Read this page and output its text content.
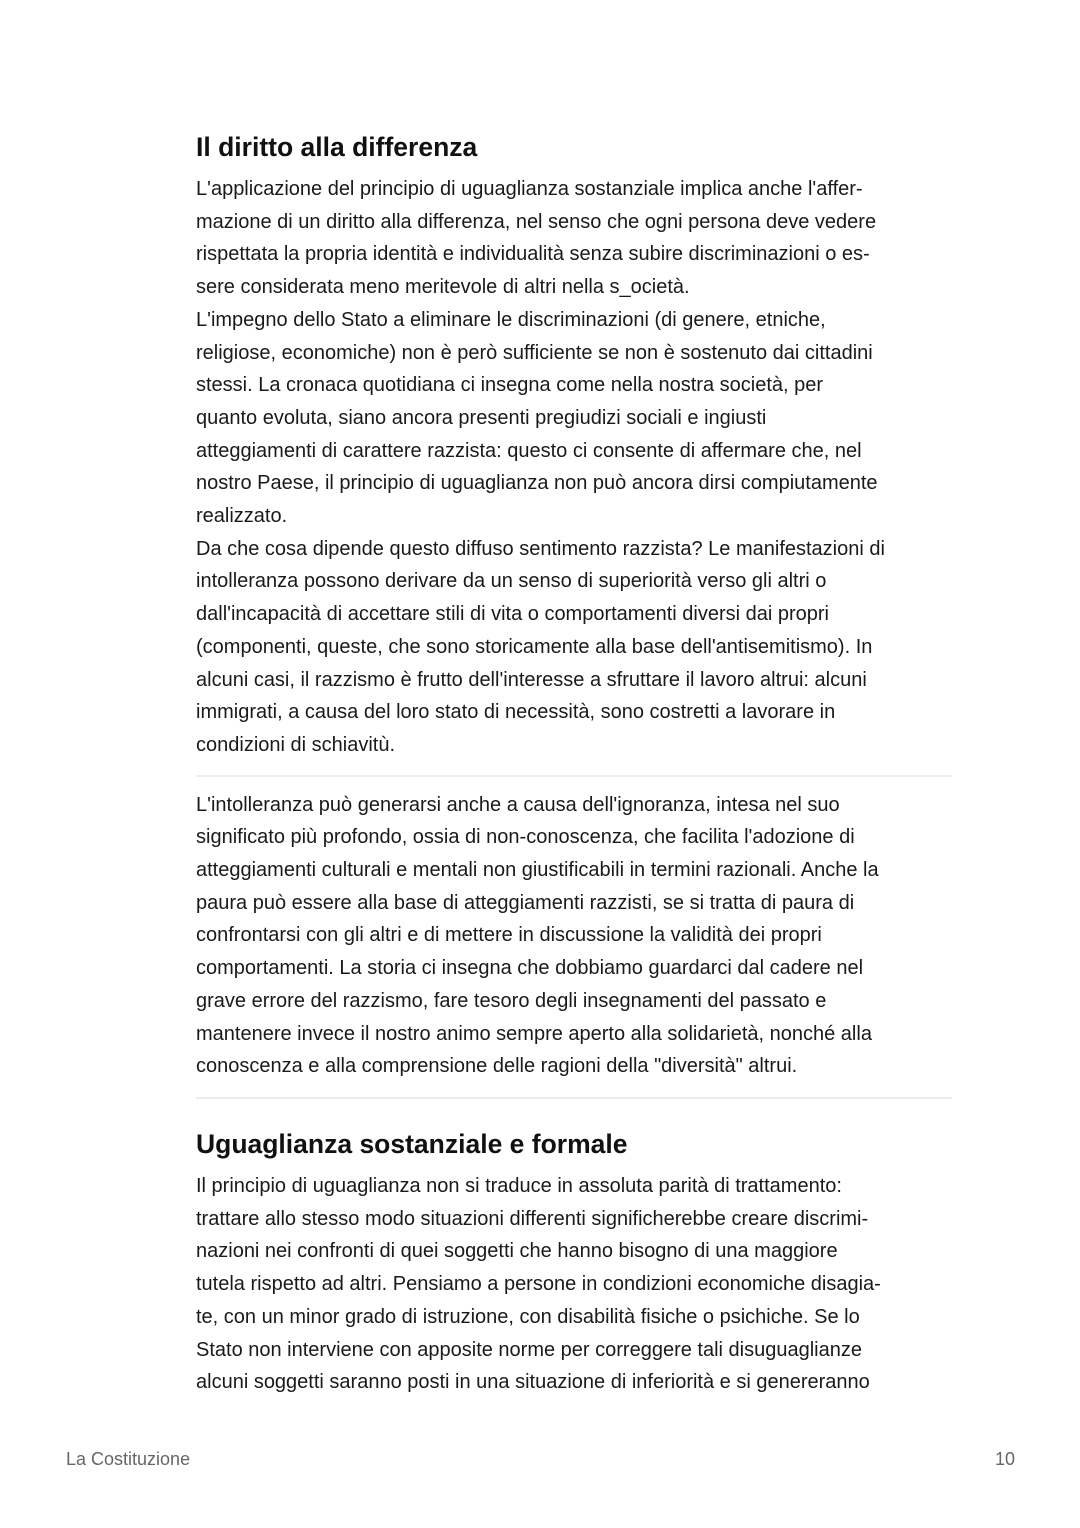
Il diritto alla differenza
L'applicazione del principio di uguaglianza sostanziale implica anche l'affer-
mazione di un diritto alla differenza, nel senso che ogni persona deve vedere
rispettata la propria identità e individualità senza subire discriminazioni o es-
sere considerata meno meritevole di altri nella s_ocietà.
L'impegno dello Stato a eliminare le discriminazioni (di genere, etniche,
religiose, economiche) non è però sufficiente se non è sostenuto dai cittadini
stessi. La cronaca quotidiana ci insegna come nella nostra società, per
quanto evoluta, siano ancora presenti pregiudizi sociali e ingiusti
atteggiamenti di carattere razzista: questo ci consente di affermare che, nel
nostro Paese, il principio di uguaglianza non può ancora dirsi compiutamente
realizzato.
Da che cosa dipende questo diffuso sentimento razzista? Le manifestazioni di
intolleranza possono derivare da un senso di superiorità verso gli altri o
dall'incapacità di accettare stili di vita o comportamenti diversi dai propri
(componenti, queste, che sono storicamente alla base dell'antisemitismo). In
alcuni casi, il razzismo è frutto dell'interesse a sfruttare il lavoro altrui: alcuni
immigrati, a causa del loro stato di necessità, sono costretti a lavorare in
condizioni di schiavitù.
L'intolleranza può generarsi anche a causa dell'ignoranza, intesa nel suo
significato più profondo, ossia di non-conoscenza, che facilita l'adozione di
atteggiamenti culturali e mentali non giustificabili in termini razionali. Anche la
paura può essere alla base di atteggiamenti razzisti, se si tratta di paura di
confrontarsi con gli altri e di mettere in discussione la validità dei propri
comportamenti. La storia ci insegna che dobbiamo guardarci dal cadere nel
grave errore del razzismo, fare tesoro degli insegnamenti del passato e
mantenere invece il nostro animo sempre aperto alla solidarietà, nonché alla
conoscenza e alla comprensione delle ragioni della "diversità" altrui.
Uguaglianza sostanziale e formale
Il principio di uguaglianza non si traduce in assoluta parità di trattamento:
trattare allo stesso modo situazioni differenti significherebbe creare discrimi-
nazioni nei confronti di quei soggetti che hanno bisogno di una maggiore
tutela rispetto ad altri. Pensiamo a persone in condizioni economiche disagia-
te, con un minor grado di istruzione, con disabilità fisiche o psichiche. Se lo
Stato non interviene con apposite norme per correggere tali disuguaglianze
alcuni soggetti saranno posti in una situazione di inferiorità e si genereranno
La Costituzione	10
